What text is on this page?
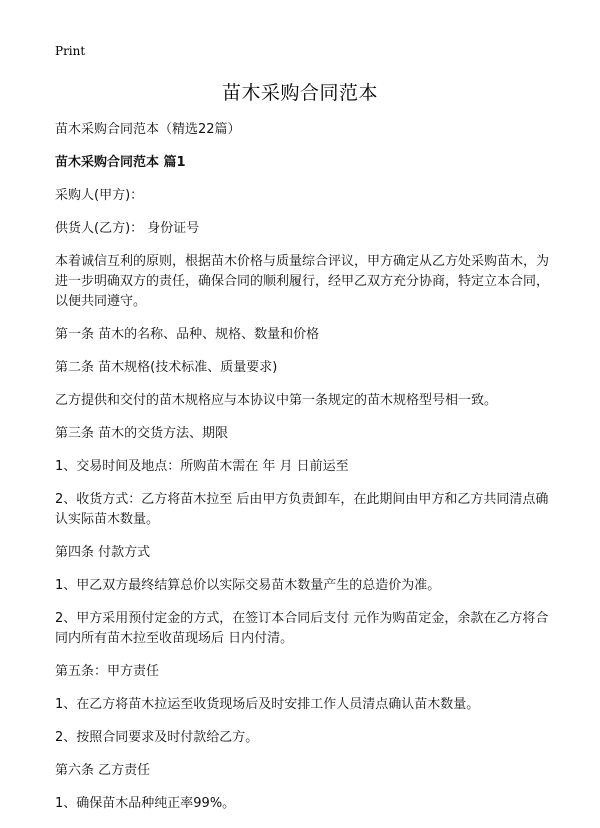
Print
苗木采购合同范本

苗木采购合同范本（精选22篇）

苗木采购合同范本 篇1

采购人(甲方)：

供货人(乙方)： 身份证号

本着诚信互利的原则，根据苗木价格与质量综合评议，甲方确定从乙方处采购苗木，为进一步明确双方的责任，确保合同的顺利履行，经甲乙双方充分协商，特定立本合同，以便共同遵守。

第一条 苗木的名称、品种、规格、数量和价格

第二条 苗木规格(技术标准、质量要求)

乙方提供和交付的苗木规格应与本协议中第一条规定的苗木规格型号相一致。

第三条 苗木的交货方法、期限

1、交易时间及地点：所购苗木需在 年 月 日前运至

2、收货方式：乙方将苗木拉至 后由甲方负责卸车，在此期间由甲方和乙方共同清点确认实际苗木数量。

第四条 付款方式

1、甲乙双方最终结算总价以实际交易苗木数量产生的总造价为准。

2、甲方采用预付定金的方式，在签订本合同后支付 元作为购苗定金，余款在乙方将合同内所有苗木拉至收苗现场后 日内付清。

第五条：甲方责任

1、在乙方将苗木拉运至收货现场后及时安排工作人员清点确认苗木数量。

2、按照合同要求及时付款给乙方。

第六条 乙方责任

1、确保苗木品种纯正率99%。
